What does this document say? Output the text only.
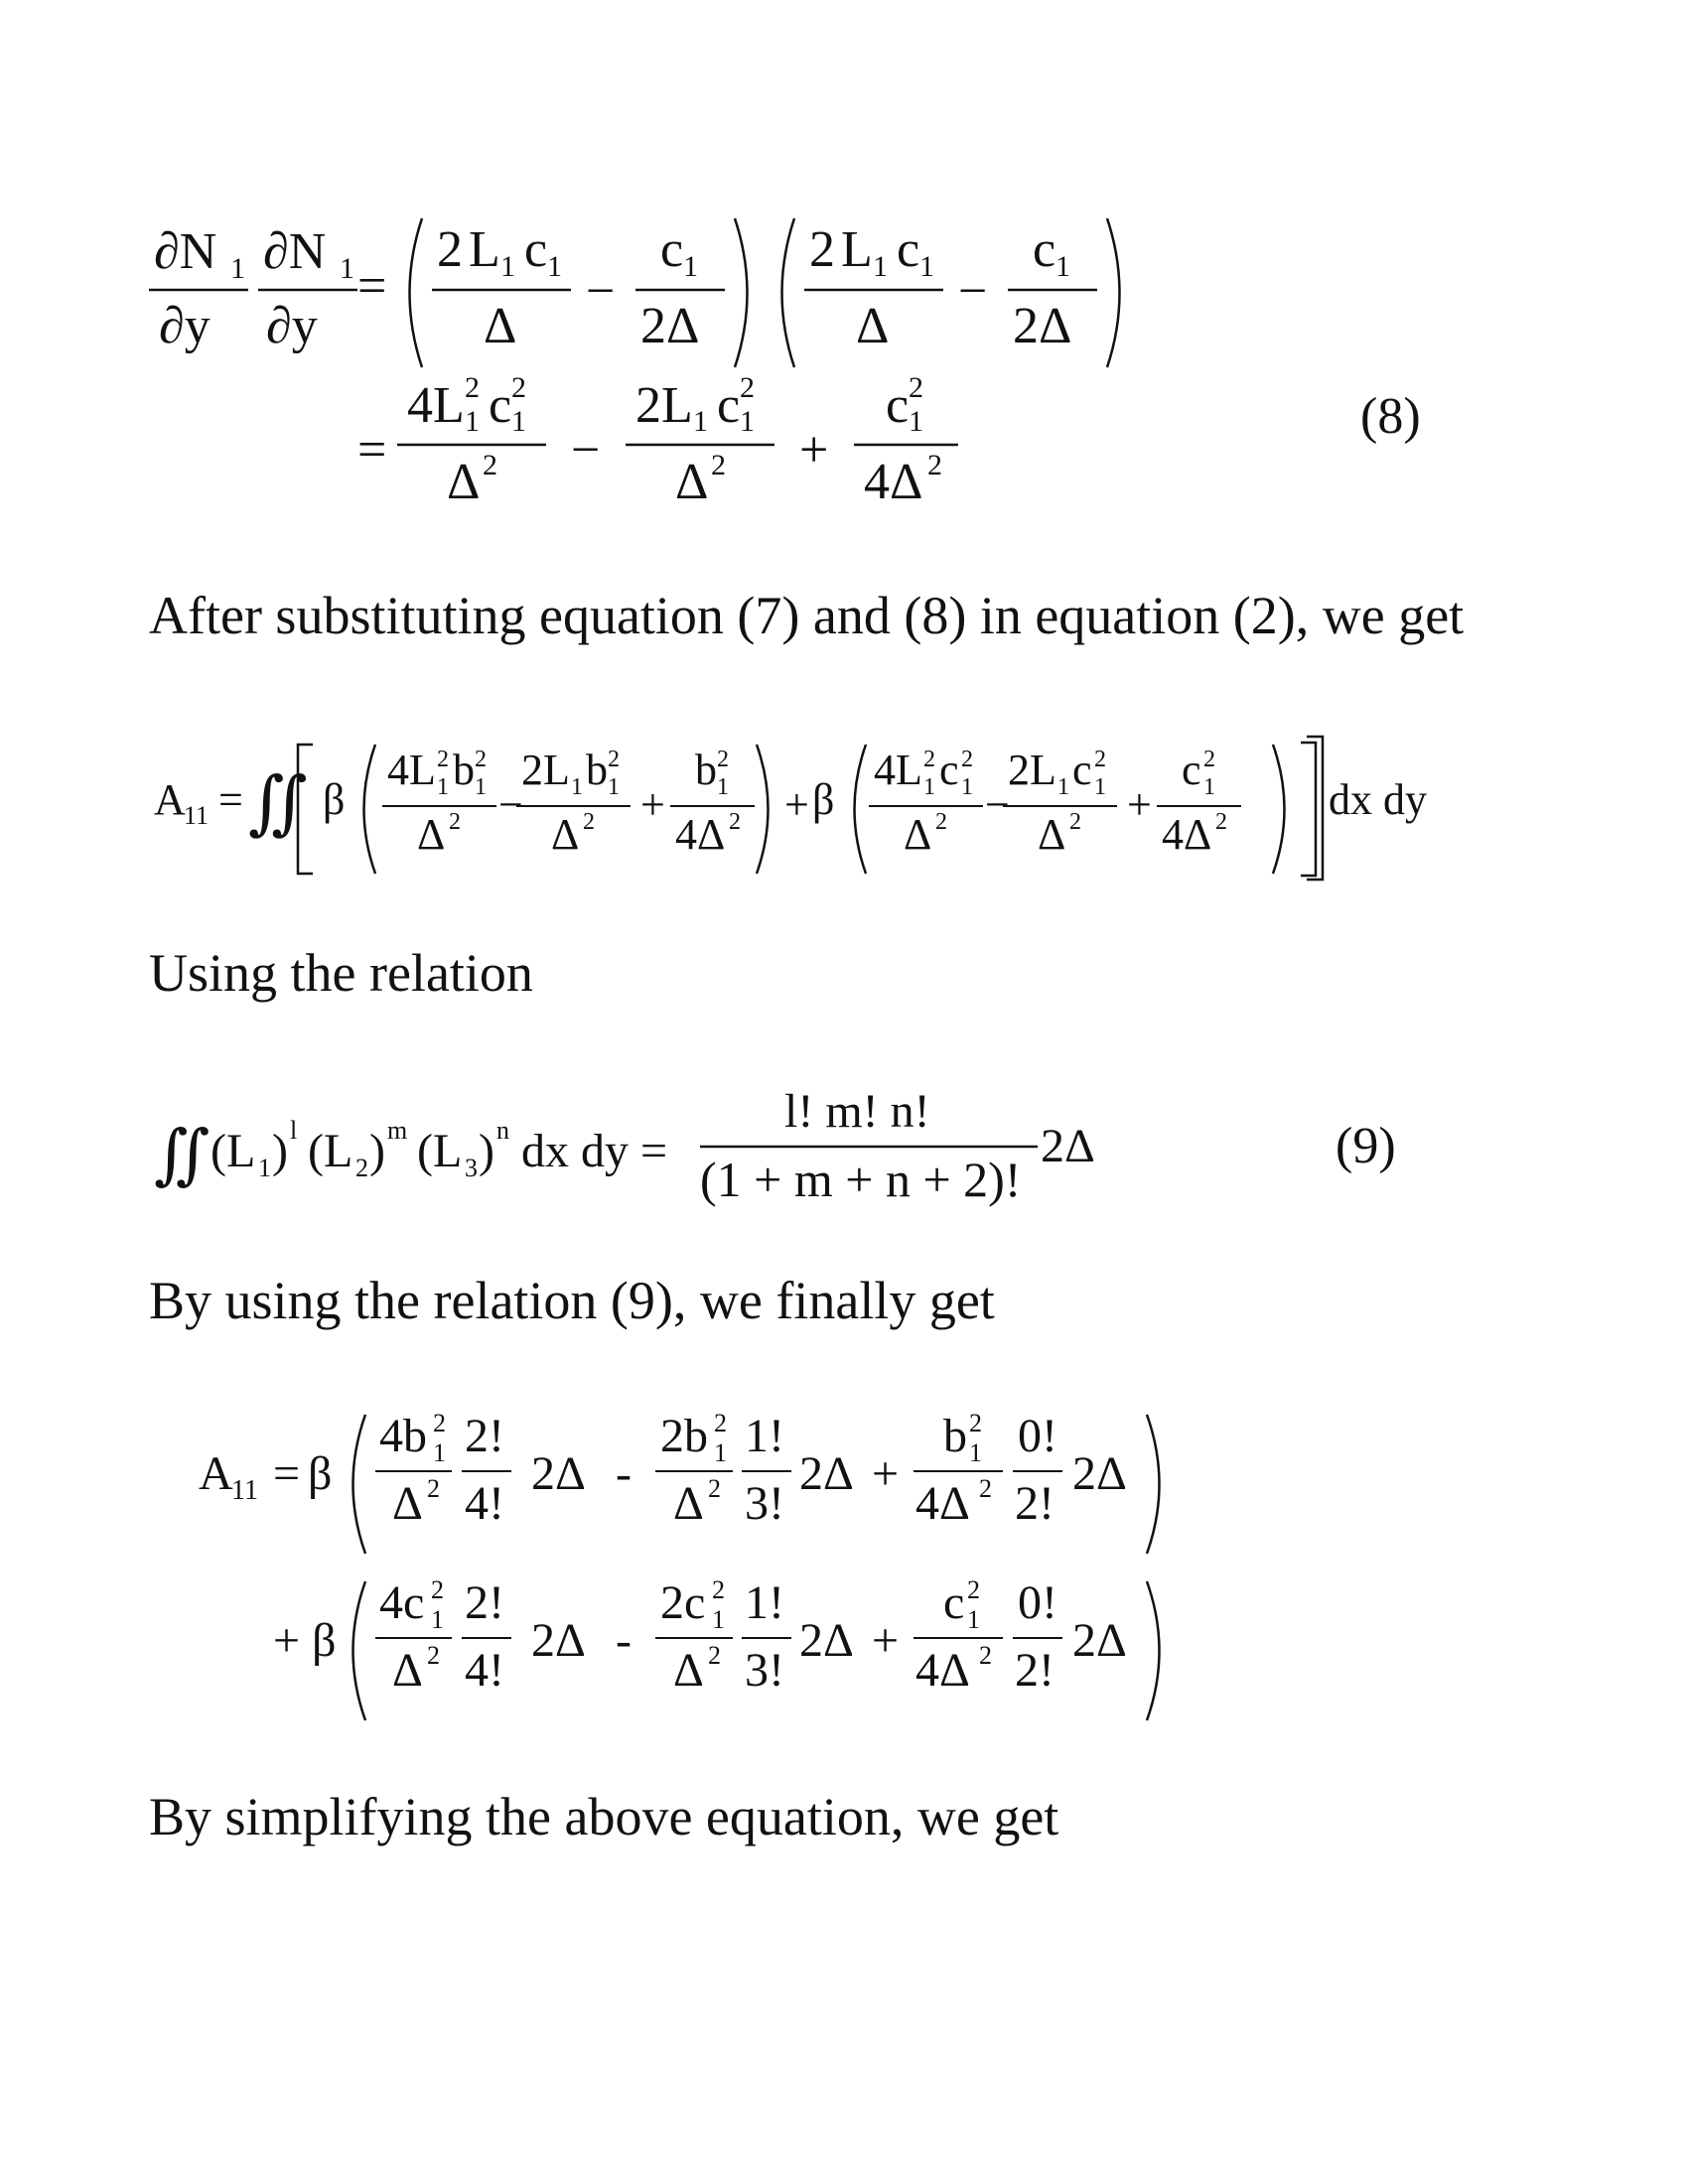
∂N 1
∂y
∂N 1
∂y
=
2 L 1 c 1
Δ
−
c 1
2Δ
2 L 1 c 1
Δ
−
c 1
2Δ
=
4L 2
1 c 2
1
Δ 2 −
2L 1 c 2
1
Δ 2 +
c 2
1
4Δ 2
(8)
After substituting equation (7) and (8) in equation (2), we get
A
11 = ∬ β
4L 2
1 b 2
1
Δ 2 −
2L 1 b 2
1
Δ 2 +
b 2
1
4Δ 2 + β
4L 2
1 c 2
1
Δ 2 −
2L 1 c 2
1
Δ 2 +
c 2
1
4Δ 2 dx dy
Using the relation
∬ (L 1 ) l (L 2 ) m (L 3 ) n dx dy =
l! m! n!
(1 + m + n + 2)!
2Δ	(9)
By using the relation (9), we finally get
A
11 = β
4b 2
1
Δ 2
2!
4!
2Δ -
2b 2
1
Δ 2
1!
3!
2Δ +
b 2
1
4Δ 2
0!
2!
2Δ
+ β
4c 2
1
Δ 2
2!
4!
2Δ -
2c 2
1
Δ 2
1!
3!
2Δ +
c 2
1
4Δ 2
0!
2!
2Δ
By simplifying the above equation, we get
